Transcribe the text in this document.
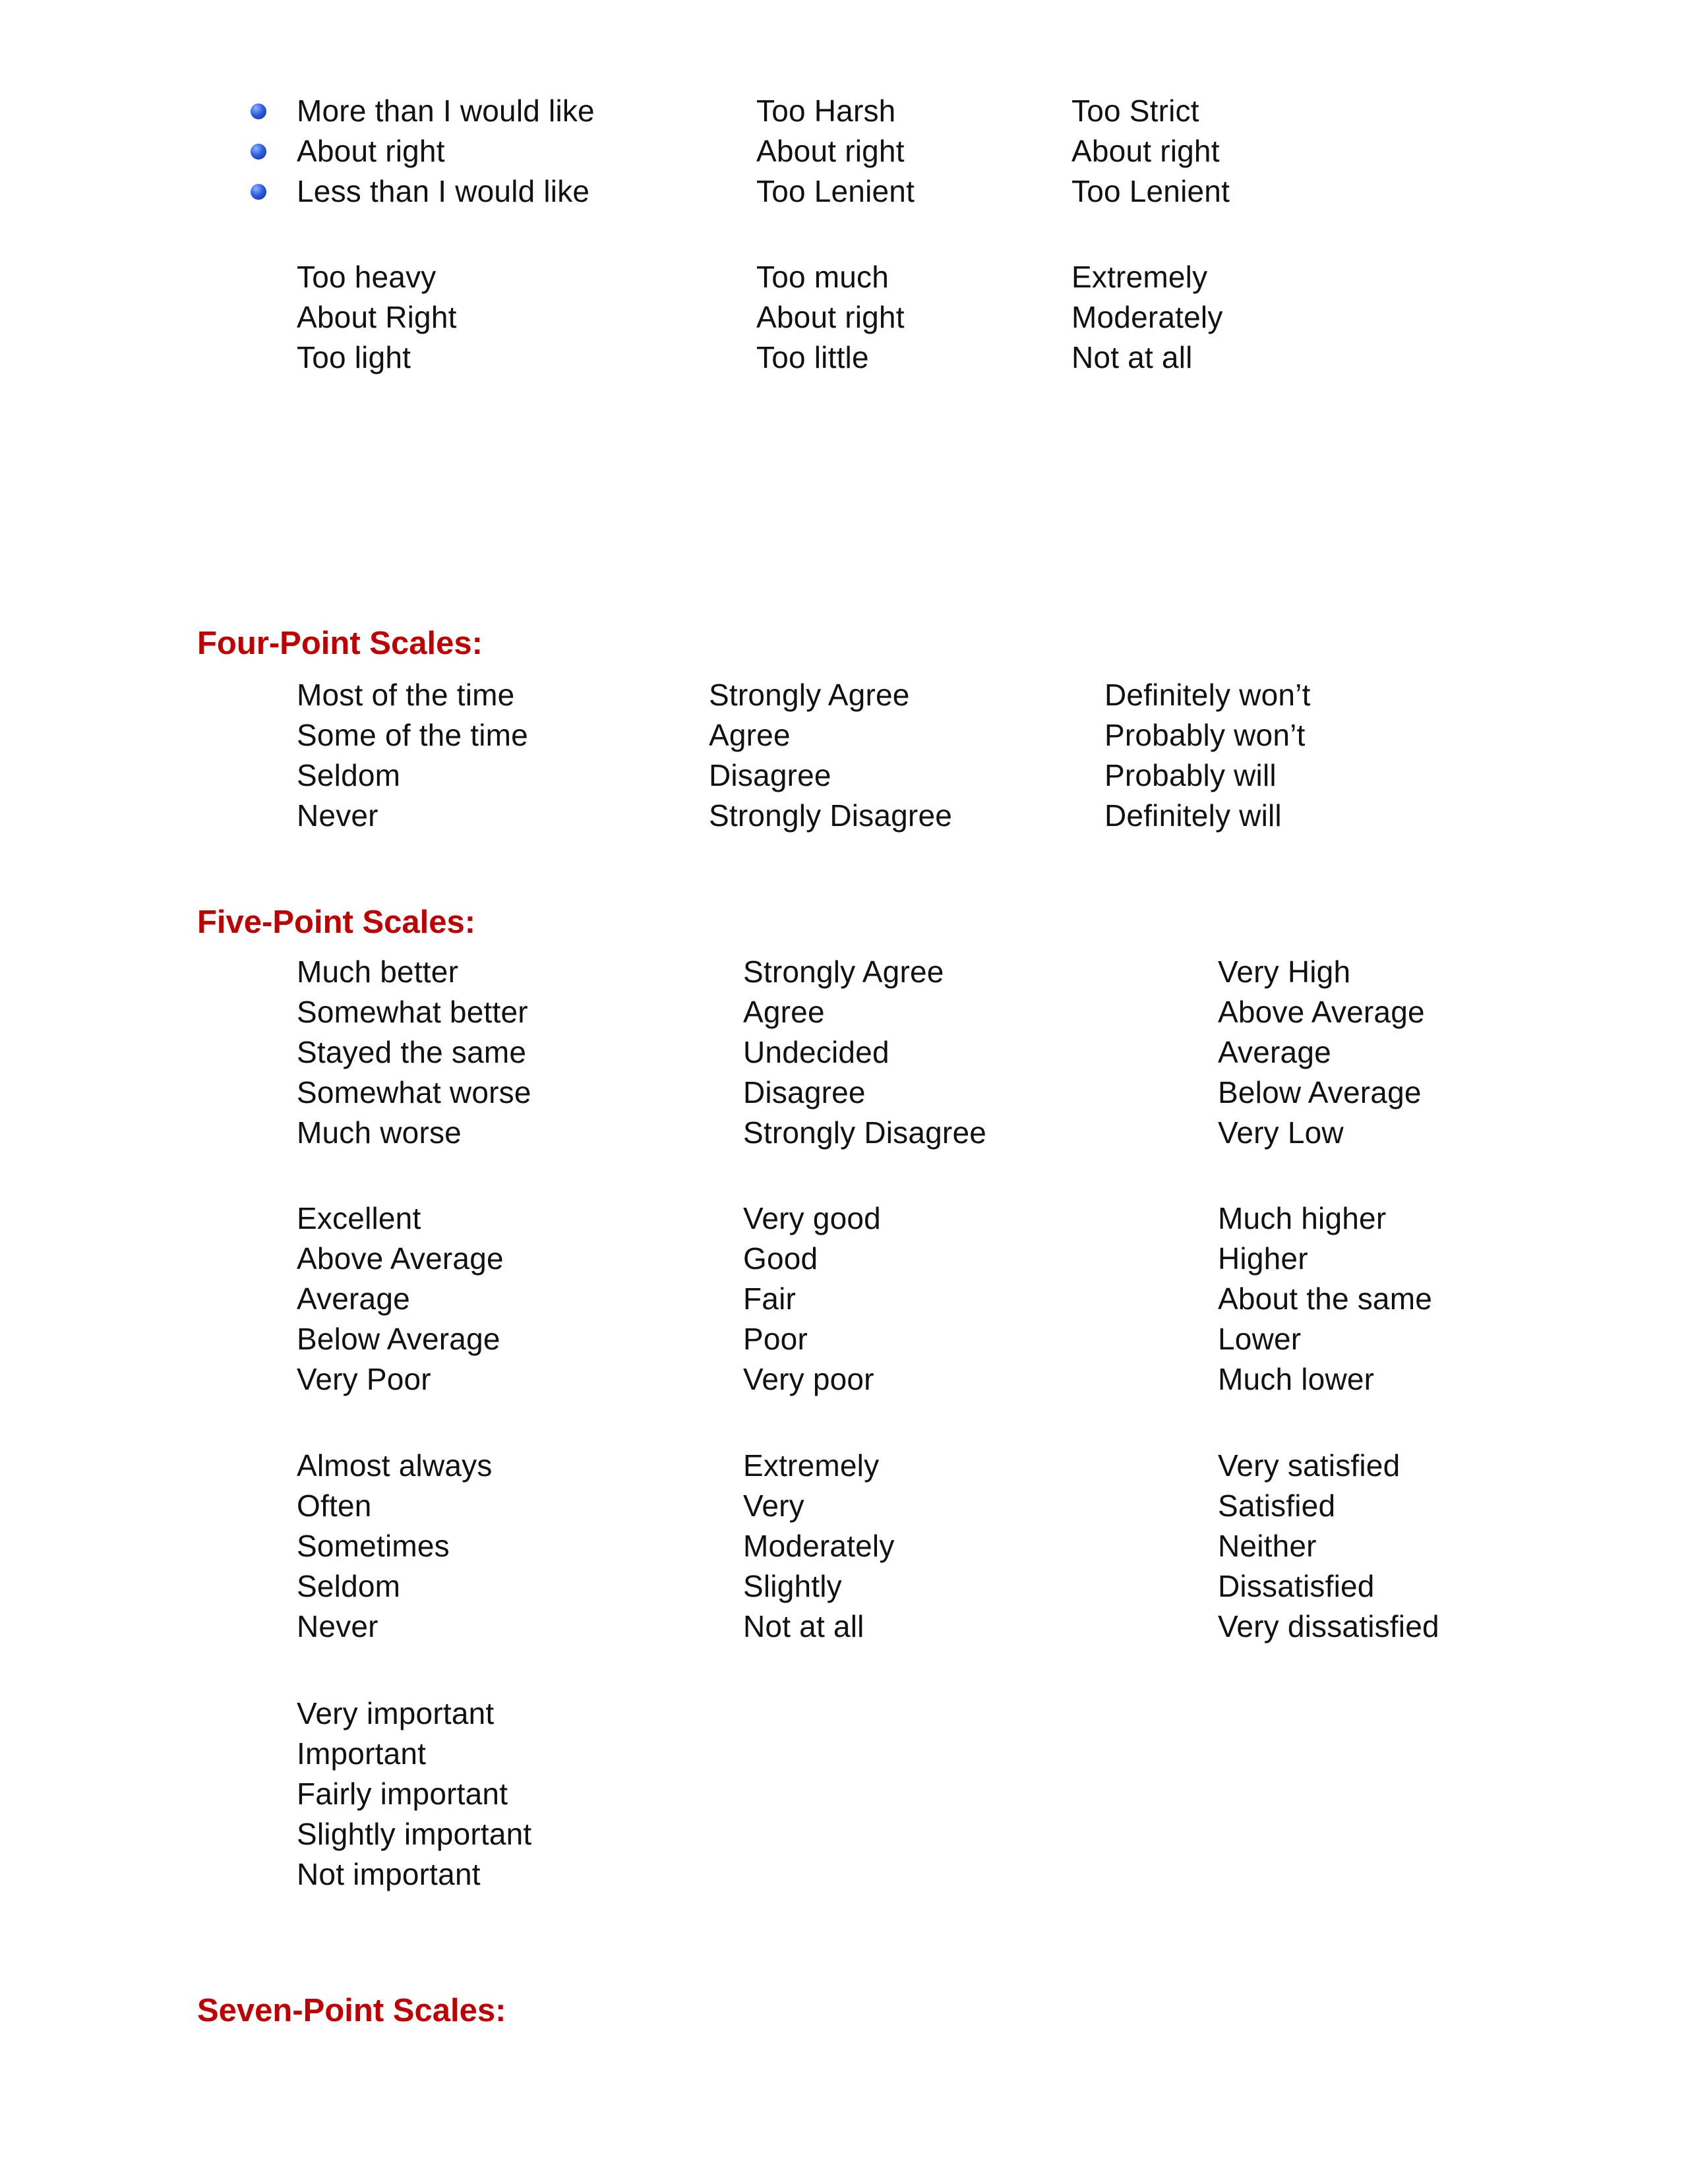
More than I would like
About right
Less than I would like
Too Harsh
About right
Too Lenient
Too Strict
About right
Too Lenient
Too heavy
About Right
Too light
Too much
About right
Too little
Extremely
Moderately
Not at all
Four-Point Scales:
Most of the time
Some of the time
Seldom
Never
Strongly Agree
Agree
Disagree
Strongly Disagree
Definitely won’t
Probably won’t
Probably will
Definitely will
Five-Point Scales:
Much better
Somewhat better
Stayed the same
Somewhat worse
Much worse
Strongly Agree
Agree
Undecided
Disagree
Strongly Disagree
Very High
Above Average
Average
Below Average
Very Low
Excellent
Above Average
Average
Below Average
Very Poor
Very good
Good
Fair
Poor
Very poor
Much higher
Higher
About the same
Lower
Much lower
Almost always
Often
Sometimes
Seldom
Never
Extremely
Very
Moderately
Slightly
Not at all
Very satisfied
Satisfied
Neither
Dissatisfied
Very dissatisfied
Very important
Important
Fairly important
Slightly important
Not important
Seven-Point Scales:
